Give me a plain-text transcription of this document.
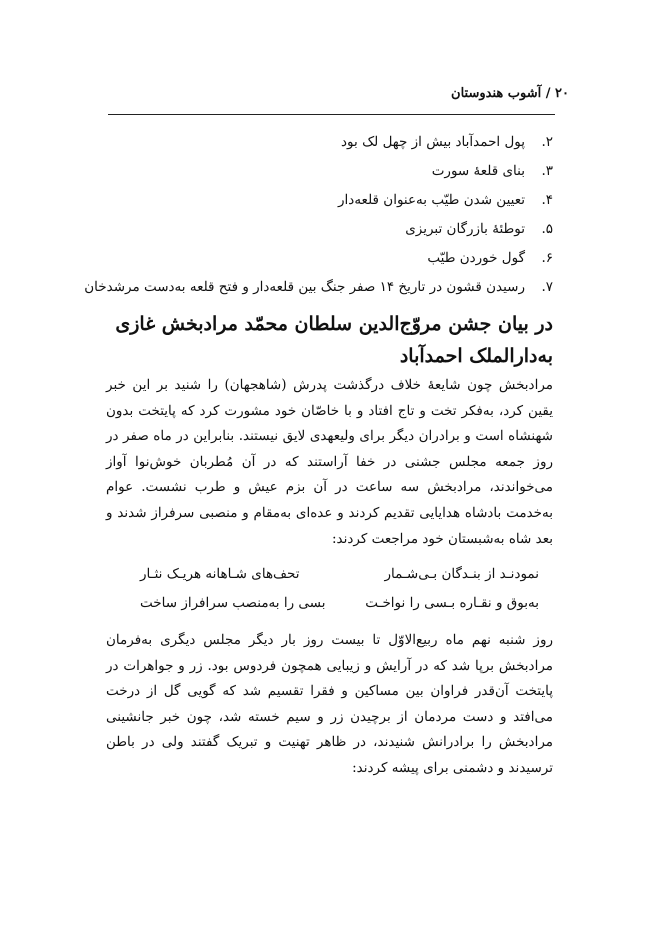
۲۰ / آشوب هندوستان
۲.پول احمدآباد بیش از چهل لک بود
۳.بنای قلعهٔ سورت
۴.تعیین شدن طیّب به‌عنوان قلعه‌دار
۵.توطئهٔ بازرگان تبریزی
۶.گول خوردن طیّب
۷.رسیدن قشون در تاریخ ۱۴ صفر جنگ بین قلعه‌دار و فتح قلعه به‌دست مرشدخان
در بیان جشن مروّج‌الدین سلطان محمّد مرادبخش غازی به‌دارالملک احمدآباد

مرادبخش چون شایعهٔ خلاف درگذشت پدرش (شاهجهان) را شنید بر این خبر یقین کرد، به‌فکر تخت و تاج افتاد و با خاصّان خود مشورت کرد که پایتخت بدون شهنشاه است و برادران دیگر برای ولیعهدی لایق نیستند. بنابراین در ماه صفر در روز جمعه مجلس جشنی در خفا آراستند که در آن مُطربان خوش‌نوا آواز می‌خواندند، مرادبخش سه ساعت در آن بزم عیش و طرب نشست. عوام به‌خدمت بادشاه هدایایی تقدیم کردند و عده‌ای به‌مقام و منصبی سرفراز شدند و بعد شاه به‌شبستان خود مراجعت کردند:

نمودنـد از بنـدگان بـی‌شـمار
تحف‌های شـاهانه هریـک نثـار
به‌بوق و نقـاره بـسی را نواخـت
بسی را به‌منصب سرافراز ساخت

روز شنبه نهم ماه ربیع‌الاوّل تا بیست روز بار دیگر مجلس دیگری به‌فرمان مرادبخش برپا شد که در آرایش و زیبایی همچون فردوس بود. زر و جواهرات در پایتخت آن‌قدر فراوان بین مساکین و فقرا تقسیم شد که گویی گل از درخت می‌افتد و دست مردمان از برچیدن زر و سیم خسته شد، چون خبر جانشینی مرادبخش را برادرانش شنیدند، در ظاهر تهنیت و تبریک گفتند ولی در باطن ترسیدند و دشمنی برای پیشه کردند:
